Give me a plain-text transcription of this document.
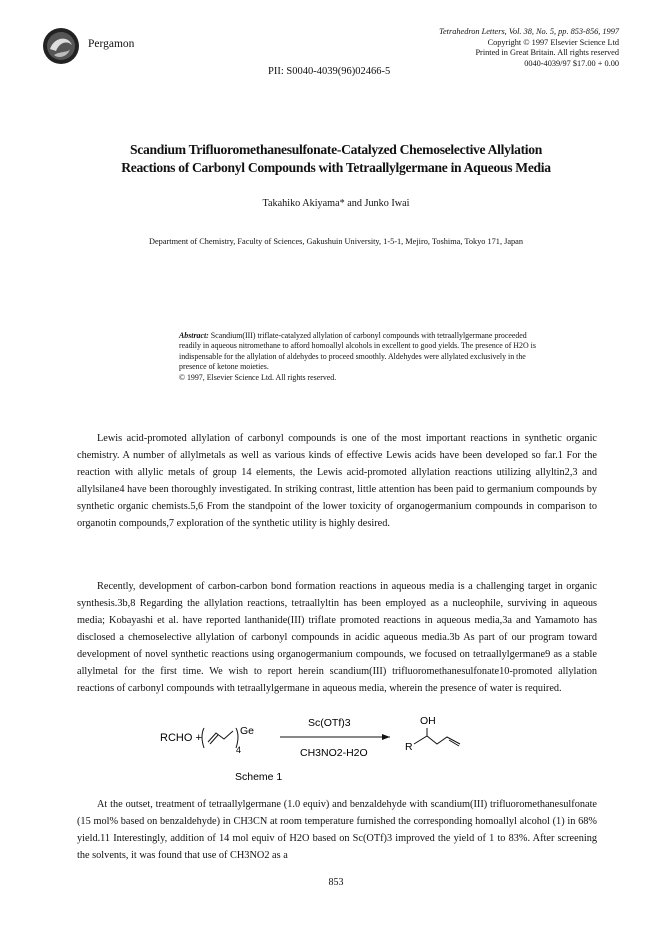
Pergamon
Tetrahedron Letters, Vol. 38, No. 5, pp. 853-856, 1997
Copyright © 1997 Elsevier Science Ltd
Printed in Great Britain. All rights reserved
0040-4039/97 $17.00 + 0.00
PII: S0040-4039(96)02466-5
Scandium Trifluoromethanesulfonate-Catalyzed Chemoselective Allylation
Reactions of Carbonyl Compounds with Tetraallylgermane in Aqueous Media
Takahiko Akiyama* and Junko Iwai
Department of Chemistry, Faculty of Sciences, Gakushuin University, 1-5-1, Mejiro, Toshima, Tokyo 171, Japan
Abstract: Scandium(III) triflate-catalyzed allylation of carbonyl compounds with tetraallylgermane proceeded readily in aqueous nitromethane to afford homoallyl alcohols in excellent to good yields. The presence of H2O is indispensable for the allylation of aldehydes to proceed smoothly. Aldehydes were allylated exclusively in the presence of ketone moieties.
© 1997, Elsevier Science Ltd. All rights reserved.

Lewis acid-promoted allylation of carbonyl compounds is one of the most important reactions in synthetic organic chemistry. A number of allylmetals as well as various kinds of effective Lewis acids have been developed so far.1 For the reaction with allylic metals of group 14 elements, the Lewis acid-promoted allylation reactions utilizing allyltin2,3 and allylsilane4 have been thoroughly investigated. In striking contrast, little attention has been paid to germanium compounds by synthetic organic chemists.5,6 From the standpoint of the lower toxicity of organogermanium compounds in comparison to organotin compounds,7 exploration of the synthetic utility is highly desired.

Recently, development of carbon-carbon bond formation reactions in aqueous media is a challenging target in organic synthesis.3b,8 Regarding the allylation reactions, tetraallyltin has been employed as a nucleophile, surviving in aqueous media; Kobayashi et al. have reported lanthanide(III) triflate promoted reactions in aqueous media,3a and Yamamoto has disclosed a chemoselective allylation of carbonyl compounds in acidic aqueous media.3b As part of our program toward development of novel synthetic reactions using organogermanium compounds, we focused on tetraallylgermane9 as a stable allylmetal for the first time. We wish to report herein scandium(III) trifluoromethanesulfonate10-promoted allylation reactions of carbonyl compounds with tetraallylgermane in aqueous media, wherein the presence of water is required.

RCHO +
Ge
4
Sc(OTf)3
CH3NO2-H2O
OH
R
Scheme 1

At the outset, treatment of tetraallylgermane (1.0 equiv) and benzaldehyde with scandium(III) trifluoromethanesulfonate (15 mol% based on benzaldehyde) in CH3CN at room temperature furnished the corresponding homoallyl alcohol (1) in 68% yield.11 Interestingly, addition of 14 mol equiv of H2O based on Sc(OTf)3 improved the yield of 1 to 83%. After screening the solvents, it was found that use of CH3NO2 as a

853
